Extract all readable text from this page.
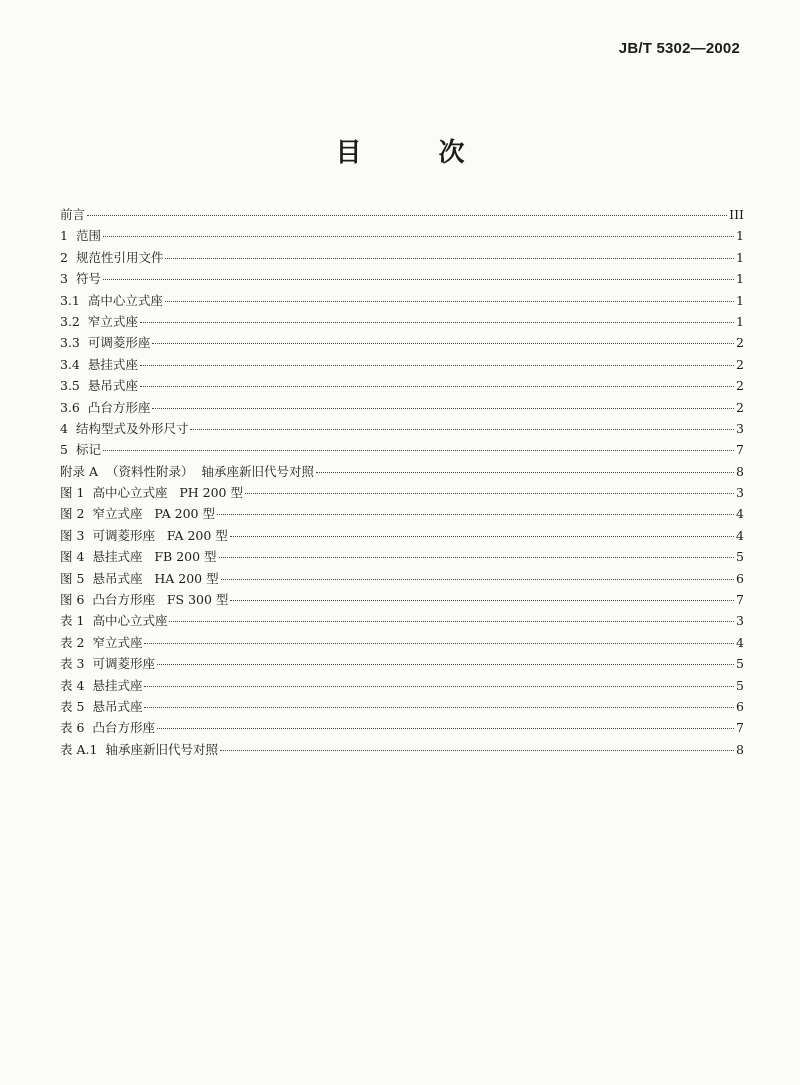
JB/T 5302—2002
目 次
前言	III
1 范围	1
2 规范性引用文件	1
3 符号	1
3.1 高中心立式座	1
3.2 窄立式座	1
3.3 可调菱形座	2
3.4 悬挂式座	2
3.5 悬吊式座	2
3.6 凸台方形座	2
4 结构型式及外形尺寸	3
5 标记	7
附录 A （资料性附录）  轴承座新旧代号对照	8
图 1 高中心立式座   PH 200 型	3
图 2 窄立式座   PA 200 型	4
图 3 可调菱形座   FA 200 型	4
图 4 悬挂式座   FB 200 型	5
图 5 悬吊式座   HA 200 型	6
图 6 凸台方形座   FS 300 型	7
表 1 高中心立式座	3
表 2 窄立式座	4
表 3 可调菱形座	5
表 4 悬挂式座	5
表 5 悬吊式座	6
表 6 凸台方形座	7
表 A.1 轴承座新旧代号对照	8
